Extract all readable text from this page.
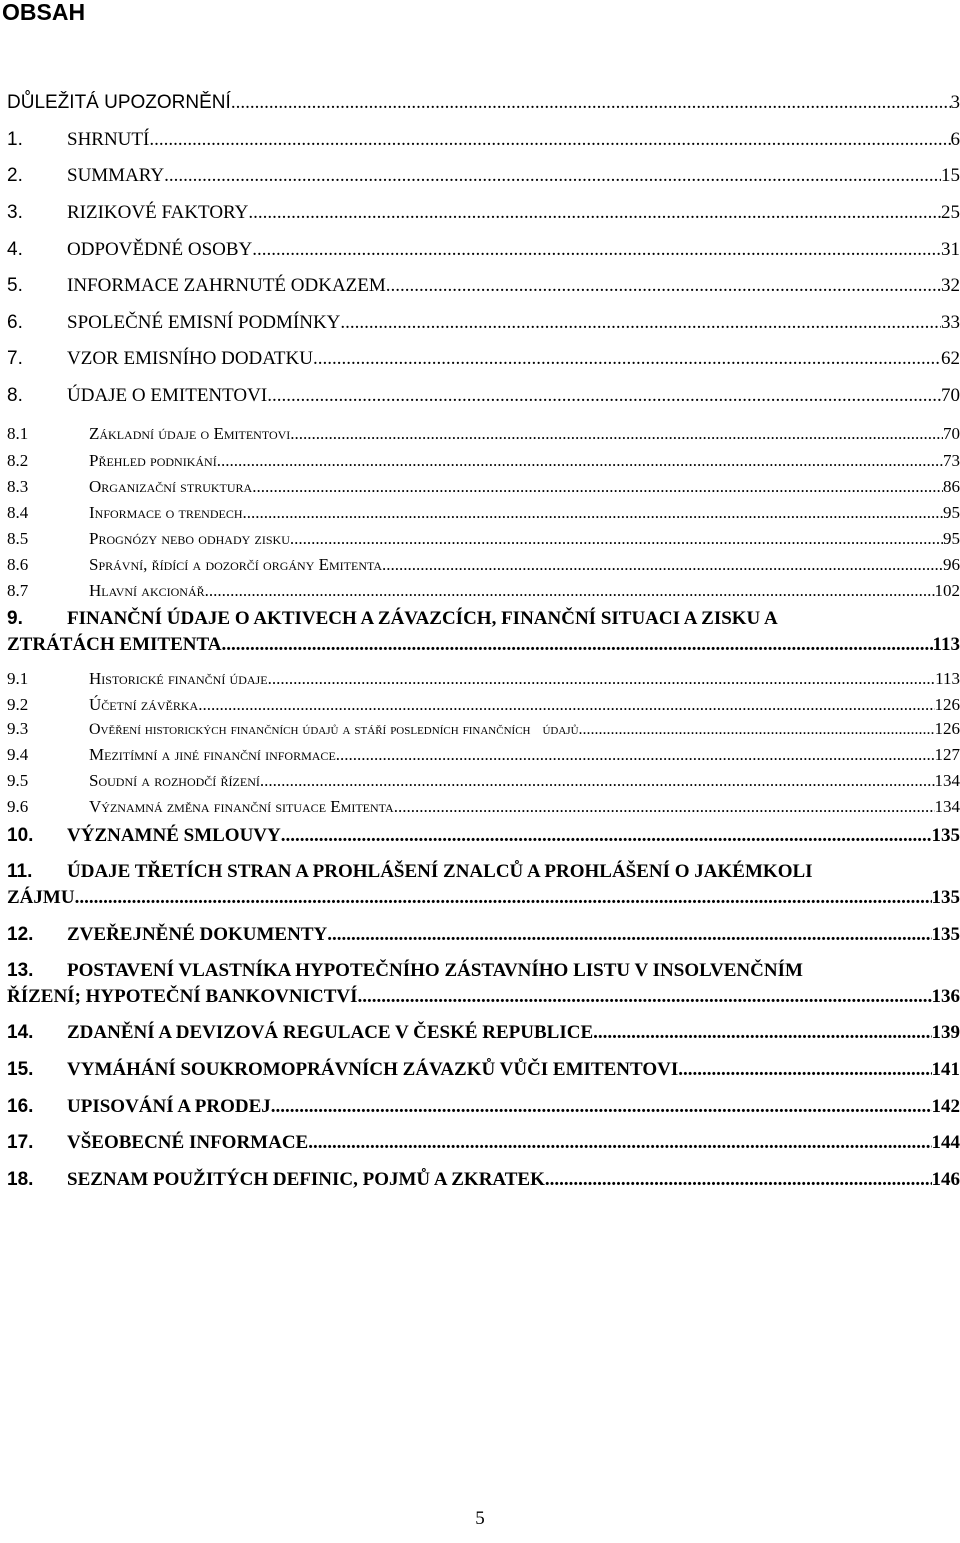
OBSAH
DŮLEŽITÁ UPOZORNĚNÍ .....	3
1.	SHRNUTÍ .....	6
2.	SUMMARY .....	15
3.	RIZIKOVÉ FAKTORY .....	25
4.	ODPOVĚDNÉ OSOBY .....	31
5.	INFORMACE ZAHRNUTÉ ODKAZEM .....	32
6.	SPOLEČNÉ EMISNÍ PODMÍNKY .....	33
7.	VZOR EMISNÍHO DODATKU .....	62
8.	ÚDAJE O EMITENTOVI .....	70
8.1	Základní údaje o Emitentovi .....	70
8.2	Přehled podnikání .....	73
8.3	Organizační struktura .....	86
8.4	Informace o trendech .....	95
8.5	Prognózy nebo odhady zisku .....	95
8.6	Správní, řídící a dozorčí orgány Emitenta .....	96
8.7	Hlavní akcionář .....	102
9. FINANČNÍ ÚDAJE O AKTIVECH A ZÁVAZCÍCH, FINANČNÍ SITUACI A ZISKU A
ZTRÁTÁCH EMITENTA .....	113
9.1	Historické finanční údaje .....	113
9.2	Účetní závěrka .....	126
9.3	Ověření historických finančních údajů a stáří posledních finančních   údajů .....	126
9.4	Mezitímní a jiné finanční informace .....	127
9.5	Soudní a rozhodčí řízení .....	134
9.6	Významná změna finanční situace Emitenta .....	134
10.	VÝZNAMNÉ SMLOUVY .....	135
11. ÚDAJE TŘETÍCH STRAN A PROHLÁŠENÍ ZNALCŮ A PROHLÁŠENÍ O JAKÉMKOLI
ZÁJMU .....	135
12.	ZVEŘEJNĚNÉ DOKUMENTY .....	135
13. POSTAVENÍ VLASTNÍKA HYPOTEČNÍHO ZÁSTAVNÍHO LISTU V INSOLVENČNÍM
ŘÍZENÍ; HYPOTEČNÍ BANKOVNICTVÍ .....	136
14.	ZDANĚNÍ A DEVIZOVÁ REGULACE V ČESKÉ REPUBLICE .....	139
15.	VYMÁHÁNÍ SOUKROMOPRÁVNÍCH ZÁVAZKŮ VŮČI EMITENTOVI .....	141
16.	UPISOVÁNÍ A PRODEJ .....	142
17.	VŠEOBECNÉ INFORMACE .....	144
18.	SEZNAM POUŽITÝCH DEFINIC, POJMŮ A ZKRATEK .....	146
5
